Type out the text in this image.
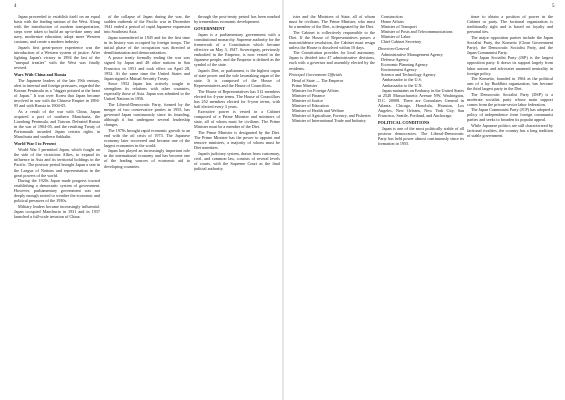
4	5

Japan proceeded to establish itself on an equal basis with the leading nations of the West. Along with the introduction of modern transportation, steps were taken to build an up-to-date army and navy, modernize education, adopt more Western customs, and create a modern industry.

Japan's first great-power experience was the introduction of a Western system of justice. After fighting Japan's victory in 1894 the last of the "unequal treaties" with the West was finally revised.

Wars With China and Russia

The Japanese leaders of the late 19th century, alert to internal and foreign pressures, regarded the Korean Peninsula as a "dagger pointed at the heart of Japan." It was over Korea that Japan became involved in war with the Chinese Empire in 1894-95 and with Russia in 1904-05.

As a result of the war with China, Japan acquired a port of southern Manchuria, the Liaodong Peninsula, and Taiwan. Defeated Russia in the war of 1904-05, and the resulting Treaty of Portsmouth awarded Japan certain rights in Manchuria and southern Sakhalin.

World War I to Present

World War I permitted Japan, which fought on the side of the victorious Allies, to expand its influence in Asia and its territorial holdings in the Pacific. The postwar period brought Japan a seat in the League of Nations and representation in the great powers of the world.

During the 1920s Japan made progress toward establishing a democratic system of government. However, parliamentary government was not deeply enough rooted to weather the economic and political pressures of the 1930s.

Military leaders became increasingly influential. Japan occupied Manchuria in 1931 and in 1937 launched a full-scale invasion of China.

of the collapse of Japan during the war, the sudden outbreak of the Pacific war in December 1941 ended a period of rapid Japanese expansion into Southeast Asia.

Japan surrendered in 1945 and for the first time in its history was occupied by foreign troops. The initial phase of the occupation was directed at demilitarization and democratization.

A peace treaty formally ending the war was signed by Japan and 48 other nations in San Francisco in 1951 and took effect on April 28, 1952. At the same time the United States and Japan signed a Mutual Security Treaty.

Since 1952 Japan has actively sought to strengthen its relations with other countries, especially those of Asia. Japan was admitted to the United Nations in 1956.

The Liberal-Democratic Party, formed by the merger of two conservative parties in 1955, has governed Japan continuously since its founding, although it has undergone several leadership changes.

The 1970s brought rapid economic growth to an end with the oil crisis of 1973. The Japanese economy later recovered and became one of the largest economies in the world.

Japan has played an increasingly important role in the international economy and has become one of the leading sources of economic aid to developing countries.

through the post-treaty period has been marked by tremendous economic development.

GOVERNMENT

Japan is a parliamentary government with a constitutional monarchy. Supreme authority for the framework of a Constitution which became effective on May 3, 1947. Sovereignty, previously embodied in the Emperor, is now vested in the Japanese people, and the Emperor is defined as the symbol of the state.

Japan's Diet, or parliament, is the highest organ of state power and the sole lawmaking organ of the state. It is composed of the House of Representatives and the House of Councillors.

The House of Representatives has 512 members elected for 4-year terms. The House of Councillors has 252 members elected for 6-year terms, with half elected every 3 years.

Executive power is vested in a Cabinet composed of a Prime Minister and ministers of state, all of whom must be civilians. The Prime Minister must be a member of the Diet.

The Prime Minister is designated by the Diet. The Prime Minister has the power to appoint and remove ministers, a majority of whom must be Diet members.

Japan's judiciary system, drawn from customary, civil, and common law, consists of several levels of courts, with the Supreme Court as the final judicial authority.

ister and the Ministers of State, all of whom must be civilians. The Prime Minister, who must be a member of the Diet, is designated by the Diet.

The Cabinet is collectively responsible to the Diet. If the House of Representatives passes a nonconfidence resolution, the Cabinet must resign unless the House is dissolved within 10 days.

The Constitution provides for local autonomy. Japan is divided into 47 administrative divisions, each with a governor and assembly elected by the residents.

Principal Government Officials

Head of State — The Emperor

Prime Minister

Minister for Foreign Affairs

Minister of Finance

Minister of Justice

Minister of Education

Minister of Health and Welfare

Minister of Agriculture, Forestry, and Fisheries

Minister of International Trade and Industry

Construction

Home Affairs

Minister of Transport

Minister of Posts and Telecommunications

Minister of Labor

Chief Cabinet Secretary

Directors-General

Administrative Management Agency

Defense Agency

Economic Planning Agency

Environment Agency

Science and Technology Agency

Ambassador to the U.S.

Ambassador to the U.N.

Japan maintains an Embassy in the United States at 2520 Massachusetts Avenue NW, Washington, D.C. 20008. There are Consulates General in Atlanta, Chicago, Honolulu, Houston, Los Angeles, New Orleans, New York City, San Francisco, Seattle, Portland, and Anchorage.

POLITICAL CONDITIONS

Japan is one of the most politically stable of all postwar democracies. The Liberal-Democratic Party has held power almost continuously since its formation in 1955.

tinue to obtain a position of power in the Cabinet or party. The factional organization is traditionally tight and is based on loyalty and personal ties.

The major opposition parties include the Japan Socialist Party, the Komeito (Clean Government Party), the Democratic Socialist Party, and the Japan Communist Party.

The Japan Socialist Party (JSP) is the largest opposition party. It draws its support largely from labor unions and advocates unarmed neutrality in foreign policy.

The Komeito, founded in 1964 as the political arm of a lay Buddhist organization, has become the third largest party in the Diet.

The Democratic Socialist Party (DSP) is a moderate socialist party whose main support comes from the private-sector labor federation.

The Japan Communist Party (JCP) has adopted a policy of independence from foreign communist parties and seeks to broaden its popular appeal.

While Japanese politics are still characterized by factional rivalries, the country has a long tradition of stable government.
